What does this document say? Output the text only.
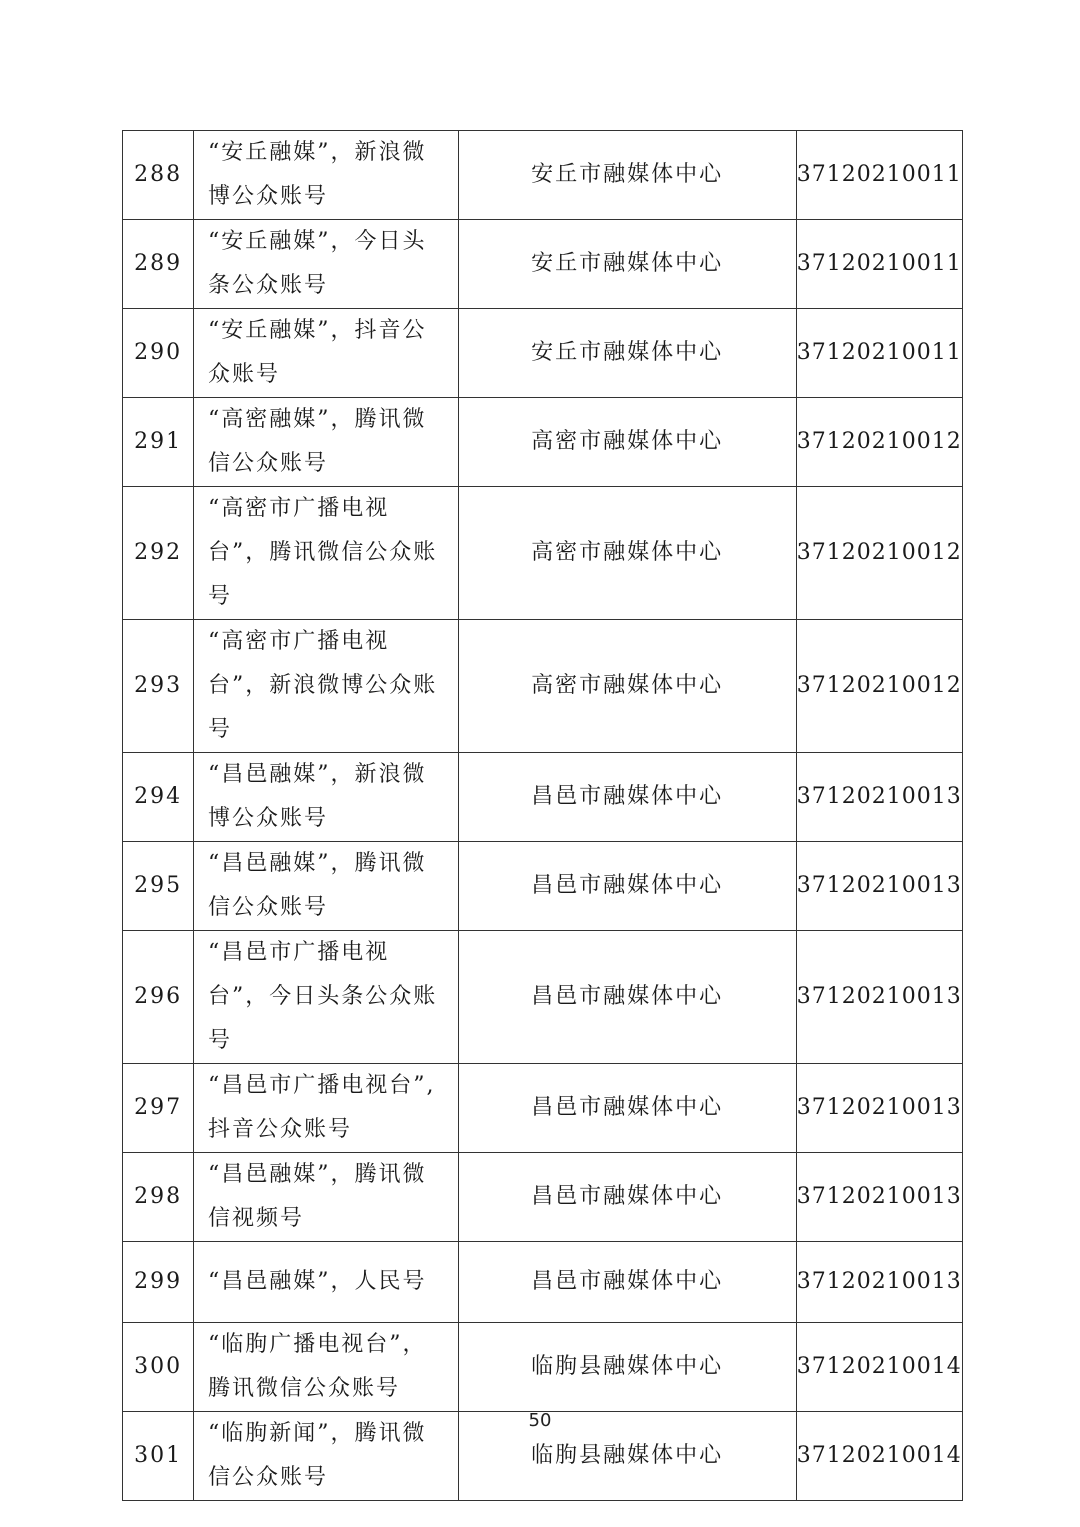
288	“安丘融媒”，新浪微博公众账号	安丘市融媒体中心	37120210011
289	“安丘融媒”，今日头条公众账号	安丘市融媒体中心	37120210011
290	“安丘融媒”，抖音公众账号	安丘市融媒体中心	37120210011
291	“高密融媒”，腾讯微信公众账号	高密市融媒体中心	37120210012
292	“高密市广播电视台”，腾讯微信公众账号	高密市融媒体中心	37120210012
293	“高密市广播电视台”，新浪微博公众账号	高密市融媒体中心	37120210012
294	“昌邑融媒”，新浪微博公众账号	昌邑市融媒体中心	37120210013
295	“昌邑融媒”，腾讯微信公众账号	昌邑市融媒体中心	37120210013
296	“昌邑市广播电视台”，今日头条公众账号	昌邑市融媒体中心	37120210013
297	“昌邑市广播电视台”,抖音公众账号	昌邑市融媒体中心	37120210013
298	“昌邑融媒”，腾讯微信视频号	昌邑市融媒体中心	37120210013
299	“昌邑融媒”，人民号	昌邑市融媒体中心	37120210013
300	“临朐广播电视台”，腾讯微信公众账号	临朐县融媒体中心	37120210014
301	“临朐新闻”，腾讯微信公众账号	临朐县融媒体中心	37120210014
50
